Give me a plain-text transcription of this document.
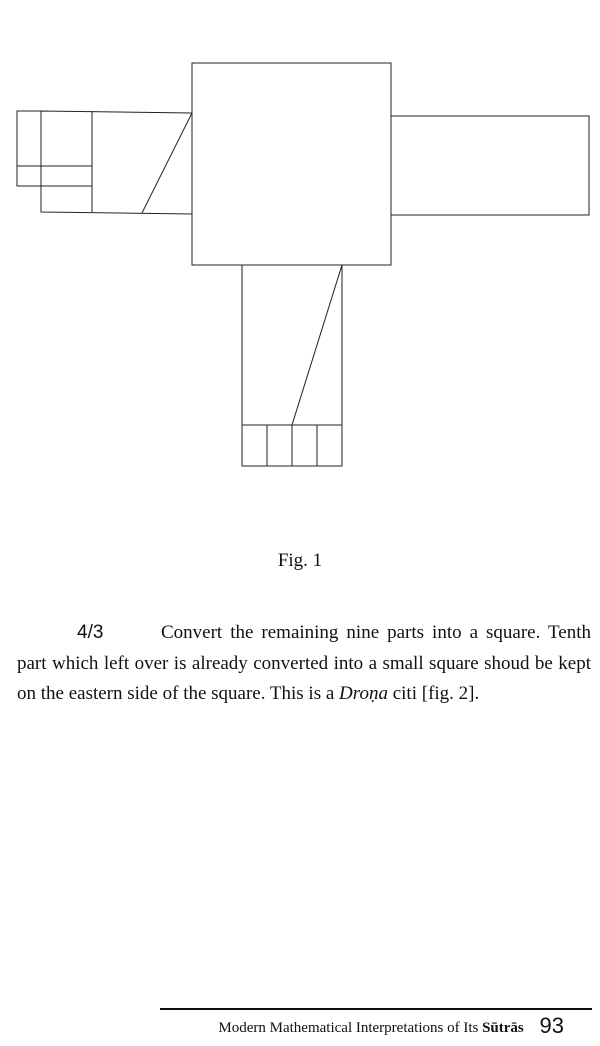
Fig. 1

4/3	Convert the remaining nine parts into a square. Tenth part which left over is already converted into a small square shoud be kept on the eastern side of the square. This is a Droṇa citi [fig. 2].

Modern Mathematical Interpretations of Its Sūtrās 93
